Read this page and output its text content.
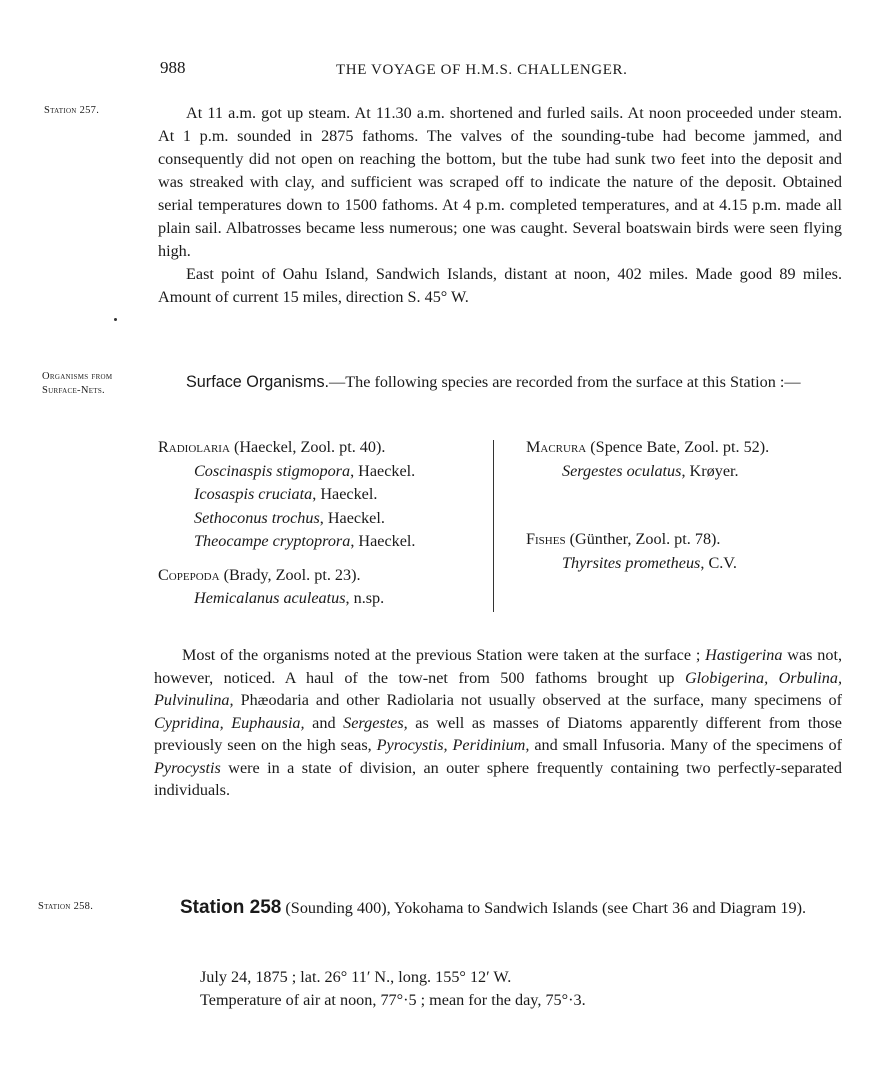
988	THE VOYAGE OF H.M.S. CHALLENGER.
Station 257.
Organisms from
Surface-Nets.
Station 258.

At 11 a.m. got up steam. At 11.30 a.m. shortened and furled sails. At noon proceeded under steam. At 1 p.m. sounded in 2875 fathoms. The valves of the sounding-tube had become jammed, and consequently did not open on reaching the bottom, but the tube had sunk two feet into the deposit and was streaked with clay, and sufficient was scraped off to indicate the nature of the deposit. Obtained serial temperatures down to 1500 fathoms. At 4 p.m. completed temperatures, and at 4.15 p.m. made all plain sail. Albatrosses became less numerous; one was caught. Several boatswain birds were seen flying high.

East point of Oahu Island, Sandwich Islands, distant at noon, 402 miles. Made good 89 miles. Amount of current 15 miles, direction S. 45° W.

Surface Organisms.—The following species are recorded from the surface at this Station :—

Radiolaria (Haeckel, Zool. pt. 40).
Coscinaspis stigmopora, Haeckel.
Icosaspis cruciata, Haeckel.
Sethoconus trochus, Haeckel.
Theocampe cryptoprora, Haeckel.
Copepoda (Brady, Zool. pt. 23).
Hemicalanus aculeatus, n.sp.
Macrura (Spence Bate, Zool. pt. 52).
Sergestes oculatus, Krøyer.
Fishes (Günther, Zool. pt. 78).
Thyrsites prometheus, C.V.

Most of the organisms noted at the previous Station were taken at the surface ; Hastigerina was not, however, noticed. A haul of the tow-net from 500 fathoms brought up Globigerina, Orbulina, Pulvinulina, Phæodaria and other Radiolaria not usually observed at the surface, many specimens of Cypridina, Euphausia, and Sergestes, as well as masses of Diatoms apparently different from those previously seen on the high seas, Pyrocystis, Peridinium, and small Infusoria. Many of the specimens of Pyrocystis were in a state of division, an outer sphere frequently containing two perfectly-separated individuals.

Station 258 (Sounding 400), Yokohama to Sandwich Islands (see Chart 36 and Diagram 19).

July 24, 1875 ; lat. 26° 11′ N., long. 155° 12′ W.

Temperature of air at noon, 77°·5 ; mean for the day, 75°·3.
